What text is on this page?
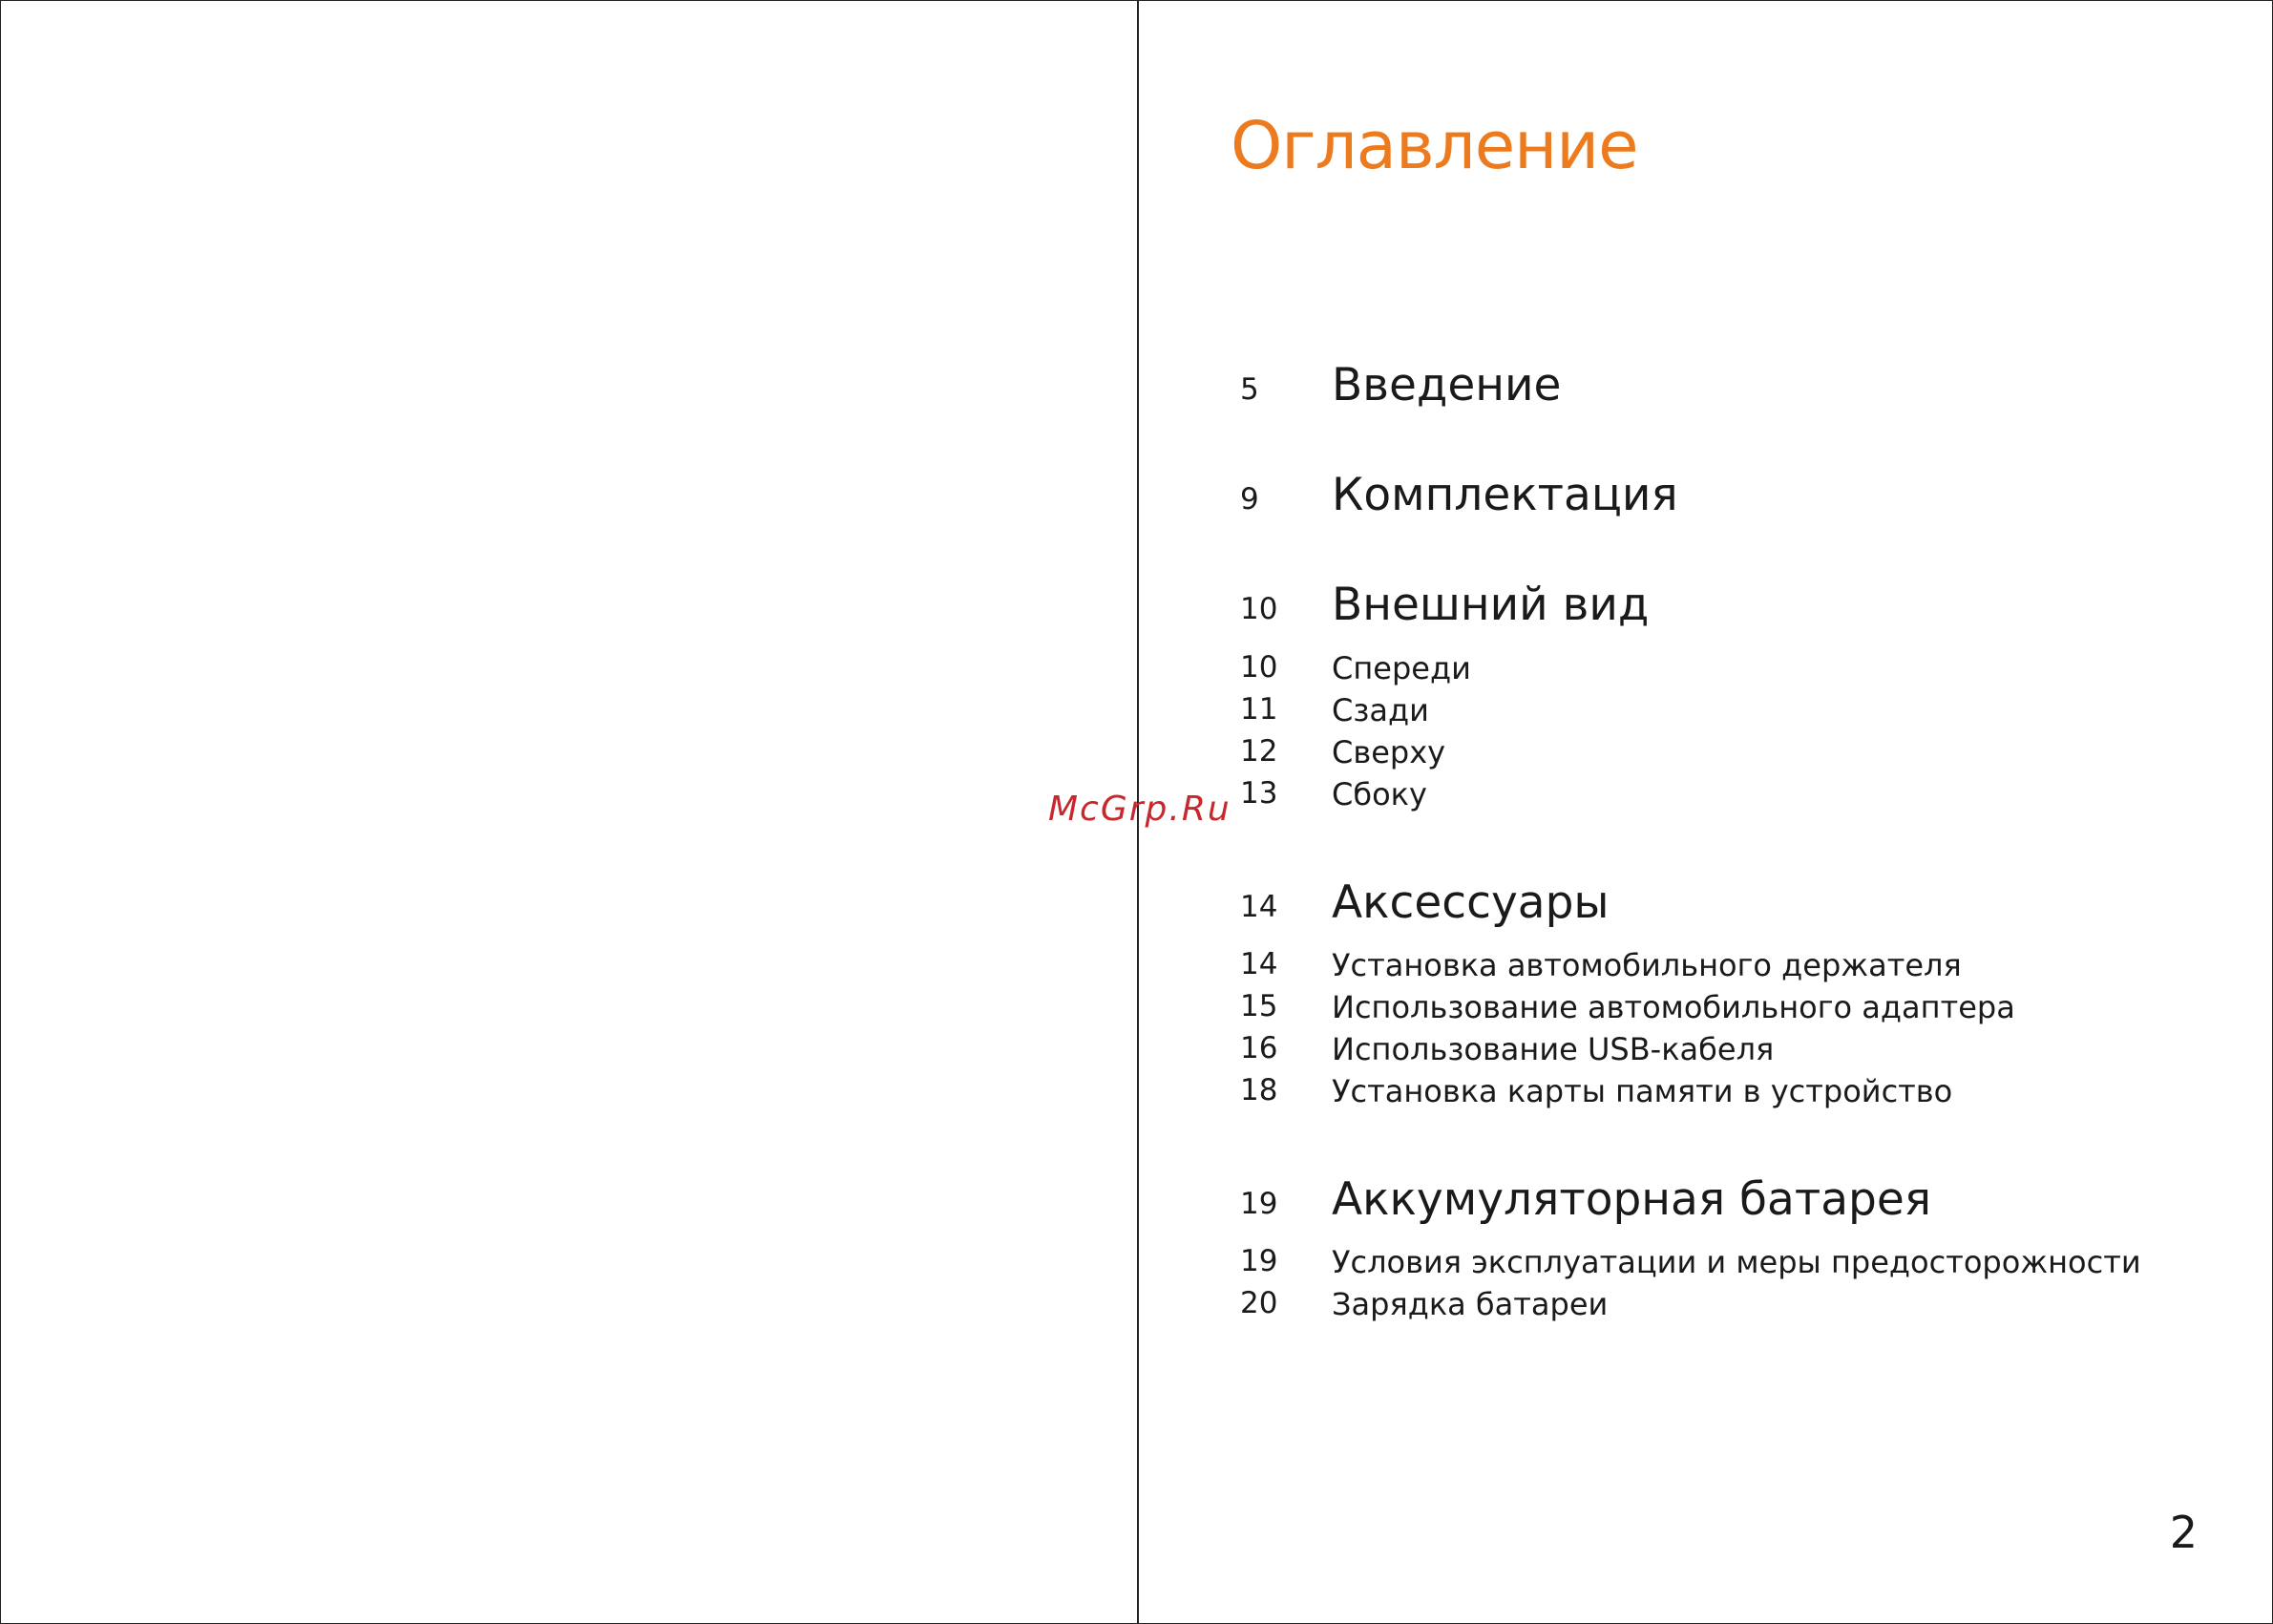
Оглавление
5 Введение
9 Комплектация
10 Внешний вид
10 Спереди
11 Сзади
12 Сверху
13 Сбоку
14 Аксессуары
14 Установка автомобильного держателя
15 Использование автомобильного адаптера
16 Использование USB-кабеля
18 Установка карты памяти в устройство
19 Аккумуляторная батарея
19 Условия эксплуатации и меры предосторожности
20 Зарядка батареи
2
McGrp.Ru
